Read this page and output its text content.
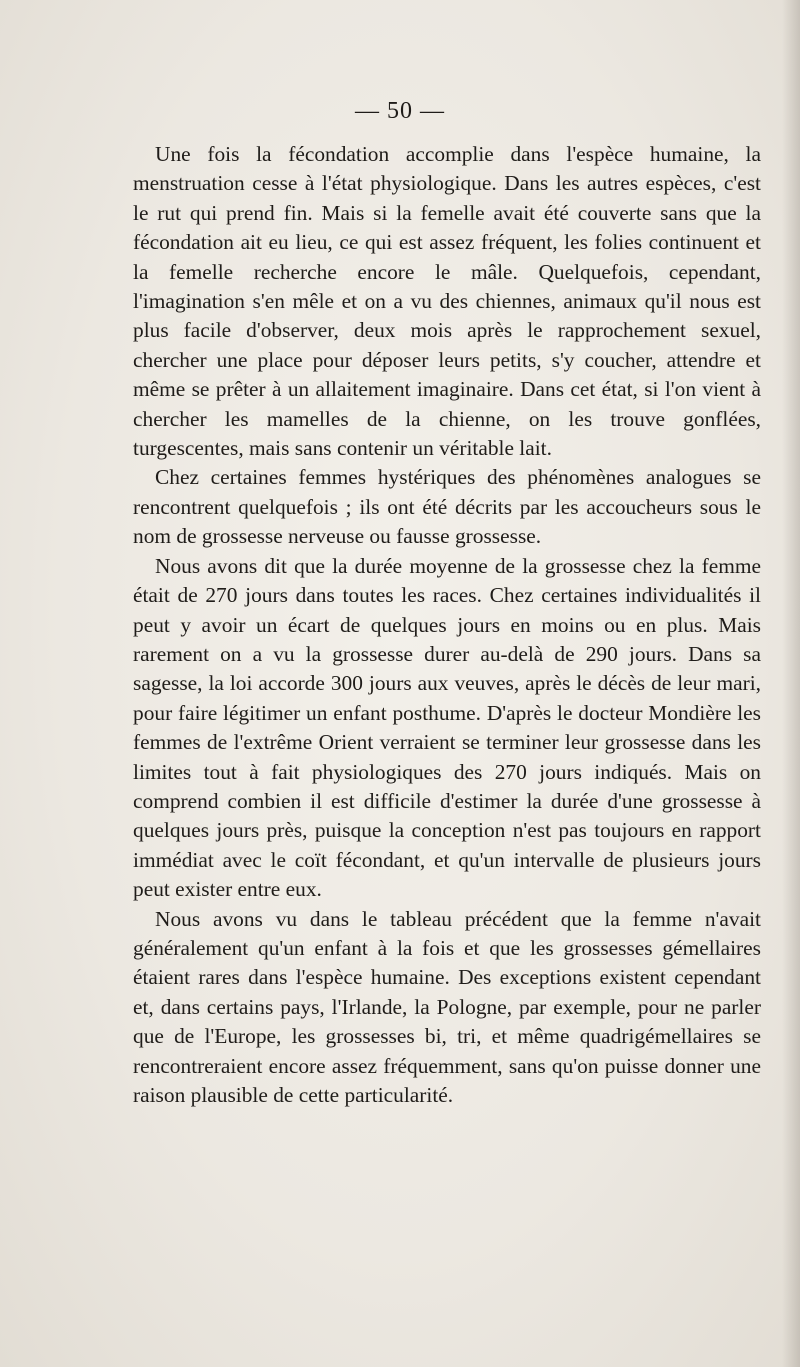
— 50 —

Une fois la fécondation accomplie dans l'espèce humaine, la menstruation cesse à l'état physiologique. Dans les autres espèces, c'est le rut qui prend fin. Mais si la femelle avait été couverte sans que la fécondation ait eu lieu, ce qui est assez fréquent, les folies continuent et la femelle recherche encore le mâle. Quelquefois, cependant, l'imagination s'en mêle et on a vu des chiennes, animaux qu'il nous est plus facile d'observer, deux mois après le rapprochement sexuel, chercher une place pour déposer leurs petits, s'y coucher, attendre et même se prêter à un allaitement imaginaire. Dans cet état, si l'on vient à chercher les mamelles de la chienne, on les trouve gonflées, turgescentes, mais sans contenir un véritable lait.

Chez certaines femmes hystériques des phénomènes analogues se rencontrent quelquefois ; ils ont été décrits par les accoucheurs sous le nom de grossesse nerveuse ou fausse grossesse.

Nous avons dit que la durée moyenne de la grossesse chez la femme était de 270 jours dans toutes les races. Chez certaines individualités il peut y avoir un écart de quelques jours en moins ou en plus. Mais rarement on a vu la grossesse durer au-delà de 290 jours. Dans sa sagesse, la loi accorde 300 jours aux veuves, après le décès de leur mari, pour faire légitimer un enfant posthume. D'après le docteur Mondière les femmes de l'extrême Orient verraient se terminer leur grossesse dans les limites tout à fait physiologiques des 270 jours indiqués. Mais on comprend combien il est difficile d'estimer la durée d'une grossesse à quelques jours près, puisque la conception n'est pas toujours en rapport immédiat avec le coït fécondant, et qu'un intervalle de plusieurs jours peut exister entre eux.

Nous avons vu dans le tableau précédent que la femme n'avait généralement qu'un enfant à la fois et que les grossesses gémellaires étaient rares dans l'espèce humaine. Des exceptions existent cependant et, dans certains pays, l'Irlande, la Pologne, par exemple, pour ne parler que de l'Europe, les grossesses bi, tri, et même quadrigémellaires se rencontreraient encore assez fréquemment, sans qu'on puisse donner une raison plausible de cette particularité.
